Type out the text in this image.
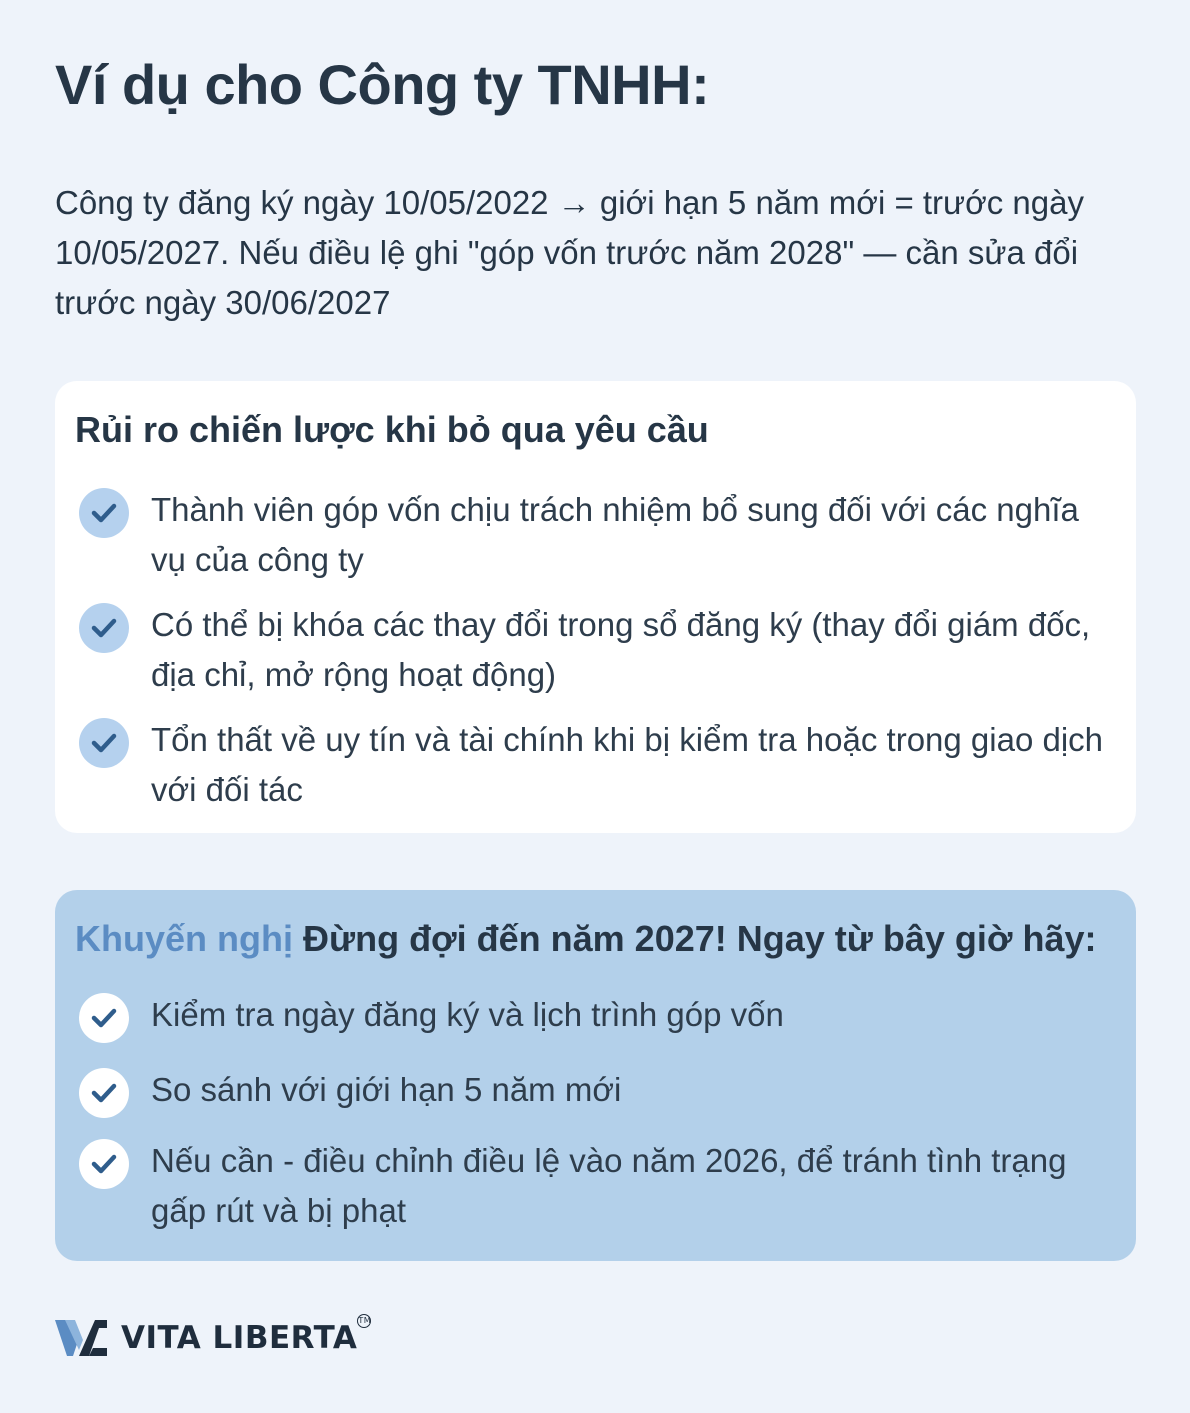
Ví dụ cho Công ty TNHH:

Công ty đăng ký ngày 10/05/2022 → giới hạn 5 năm mới = trước ngày 10/05/2027. Nếu điều lệ ghi "góp vốn trước năm 2028" — cần sửa đổi trước ngày 30/06/2027

Rủi ro chiến lược khi bỏ qua yêu cầu
Thành viên góp vốn chịu trách nhiệm bổ sung đối với các nghĩa vụ của công ty
Có thể bị khóa các thay đổi trong sổ đăng ký (thay đổi giám đốc, địa chỉ, mở rộng hoạt động)
Tổn thất về uy tín và tài chính khi bị kiểm tra hoặc trong giao dịch với đối tác
Khuyến nghị Đừng đợi đến năm 2027! Ngay từ bây giờ hãy:
Kiểm tra ngày đăng ký và lịch trình góp vốn
So sánh với giới hạn 5 năm mới
Nếu cần - điều chỉnh điều lệ vào năm 2026, để tránh tình trạng gấp rút và bị phạt
VITA LIBERTA TM
